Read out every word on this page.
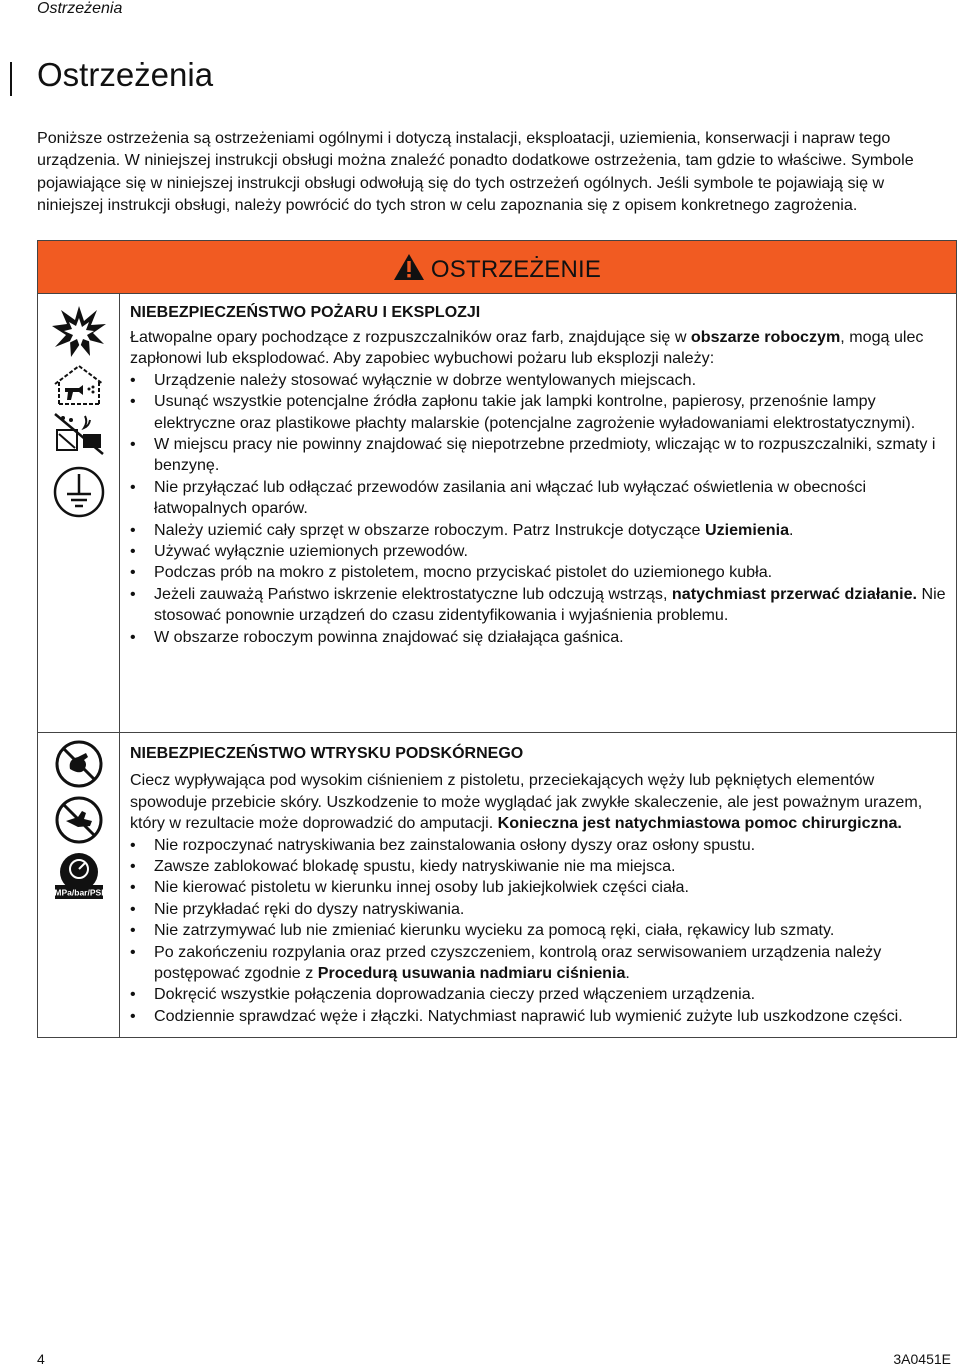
Ostrzeżenia
Ostrzeżenia

Poniższe ostrzeżenia są ostrzeżeniami ogólnymi i dotyczą instalacji, eksploatacji, uziemienia, konserwacji i napraw tego urządzenia. W niniejszej instrukcji obsługi można znaleźć ponadto dodatkowe ostrzeżenia, tam gdzie to właściwe. Symbole pojawiające się w niniejszej instrukcji obsługi odwołują się do tych ostrzeżeń ogólnych. Jeśli symbole te pojawiają się w niniejszej instrukcji obsługi, należy powrócić do tych stron w celu zapoznania się z opisem konkretnego zagrożenia.

OSTRZEŻENIE

NIEBEZPIECZEŃSTWO POŻARU I EKSPLOZJI

Łatwopalne opary pochodzące z rozpuszczalników oraz farb, znajdujące się w obszarze roboczym, mogą ulec zapłonowi lub eksplodować. Aby zapobiec wybuchowi pożaru lub eksplozji należy:

• Urządzenie należy stosować wyłącznie w dobrze wentylowanych miejscach.
• Usunąć wszystkie potencjalne źródła zapłonu takie jak lampki kontrolne, papierosy, przenośnie lampy elektryczne oraz plastikowe płachty malarskie (potencjalne zagrożenie wyładowaniami elektrostatycznymi).
• W miejscu pracy nie powinny znajdować się niepotrzebne przedmioty, wliczając w to rozpuszczalniki, szmaty i benzynę.
• Nie przyłączać lub odłączać przewodów zasilania ani włączać lub wyłączać oświetlenia w obecności łatwopalnych oparów.
• Należy uziemić cały sprzęt w obszarze roboczym. Patrz Instrukcje dotyczące Uziemienia.
• Używać wyłącznie uziemionych przewodów.
• Podczas prób na mokro z pistoletem, mocno przyciskać pistolet do uziemionego kubła.
• Jeżeli zauważą Państwo iskrzenie elektrostatyczne lub odczują wstrząs, natychmiast przerwać działanie. Nie stosować ponownie urządzeń do czasu zidentyfikowania i wyjaśnienia problemu.
• W obszarze roboczym powinna znajdować się działająca gaśnica.
MPa/bar/PSI

NIEBEZPIECZEŃSTWO WTRYSKU PODSKÓRNEGO

Ciecz wypływająca pod wysokim ciśnieniem z pistoletu, przeciekających węży lub pękniętych elementów spowoduje przebicie skóry. Uszkodzenie to może wyglądać jak zwykłe skaleczenie, ale jest poważnym urazem, który w rezultacie może doprowadzić do amputacji. Konieczna jest natychmiastowa pomoc chirurgiczna.

• Nie rozpoczynać natryskiwania bez zainstalowania osłony dyszy oraz osłony spustu.
• Zawsze zablokować blokadę spustu, kiedy natryskiwanie nie ma miejsca.
• Nie kierować pistoletu w kierunku innej osoby lub jakiejkolwiek części ciała.
• Nie przykładać ręki do dyszy natryskiwania.
• Nie zatrzymywać lub nie zmieniać kierunku wycieku za pomocą ręki, ciała, rękawicy lub szmaty.
• Po zakończeniu rozpylania oraz przed czyszczeniem, kontrolą oraz serwisowaniem urządzenia należy postępować zgodnie z Procedurą usuwania nadmiaru ciśnienia.
• Dokręcić wszystkie połączenia doprowadzania cieczy przed włączeniem urządzenia.
• Codziennie sprawdzać węże i złączki. Natychmiast naprawić lub wymienić zużyte lub uszkodzone części.
4	3A0451E
